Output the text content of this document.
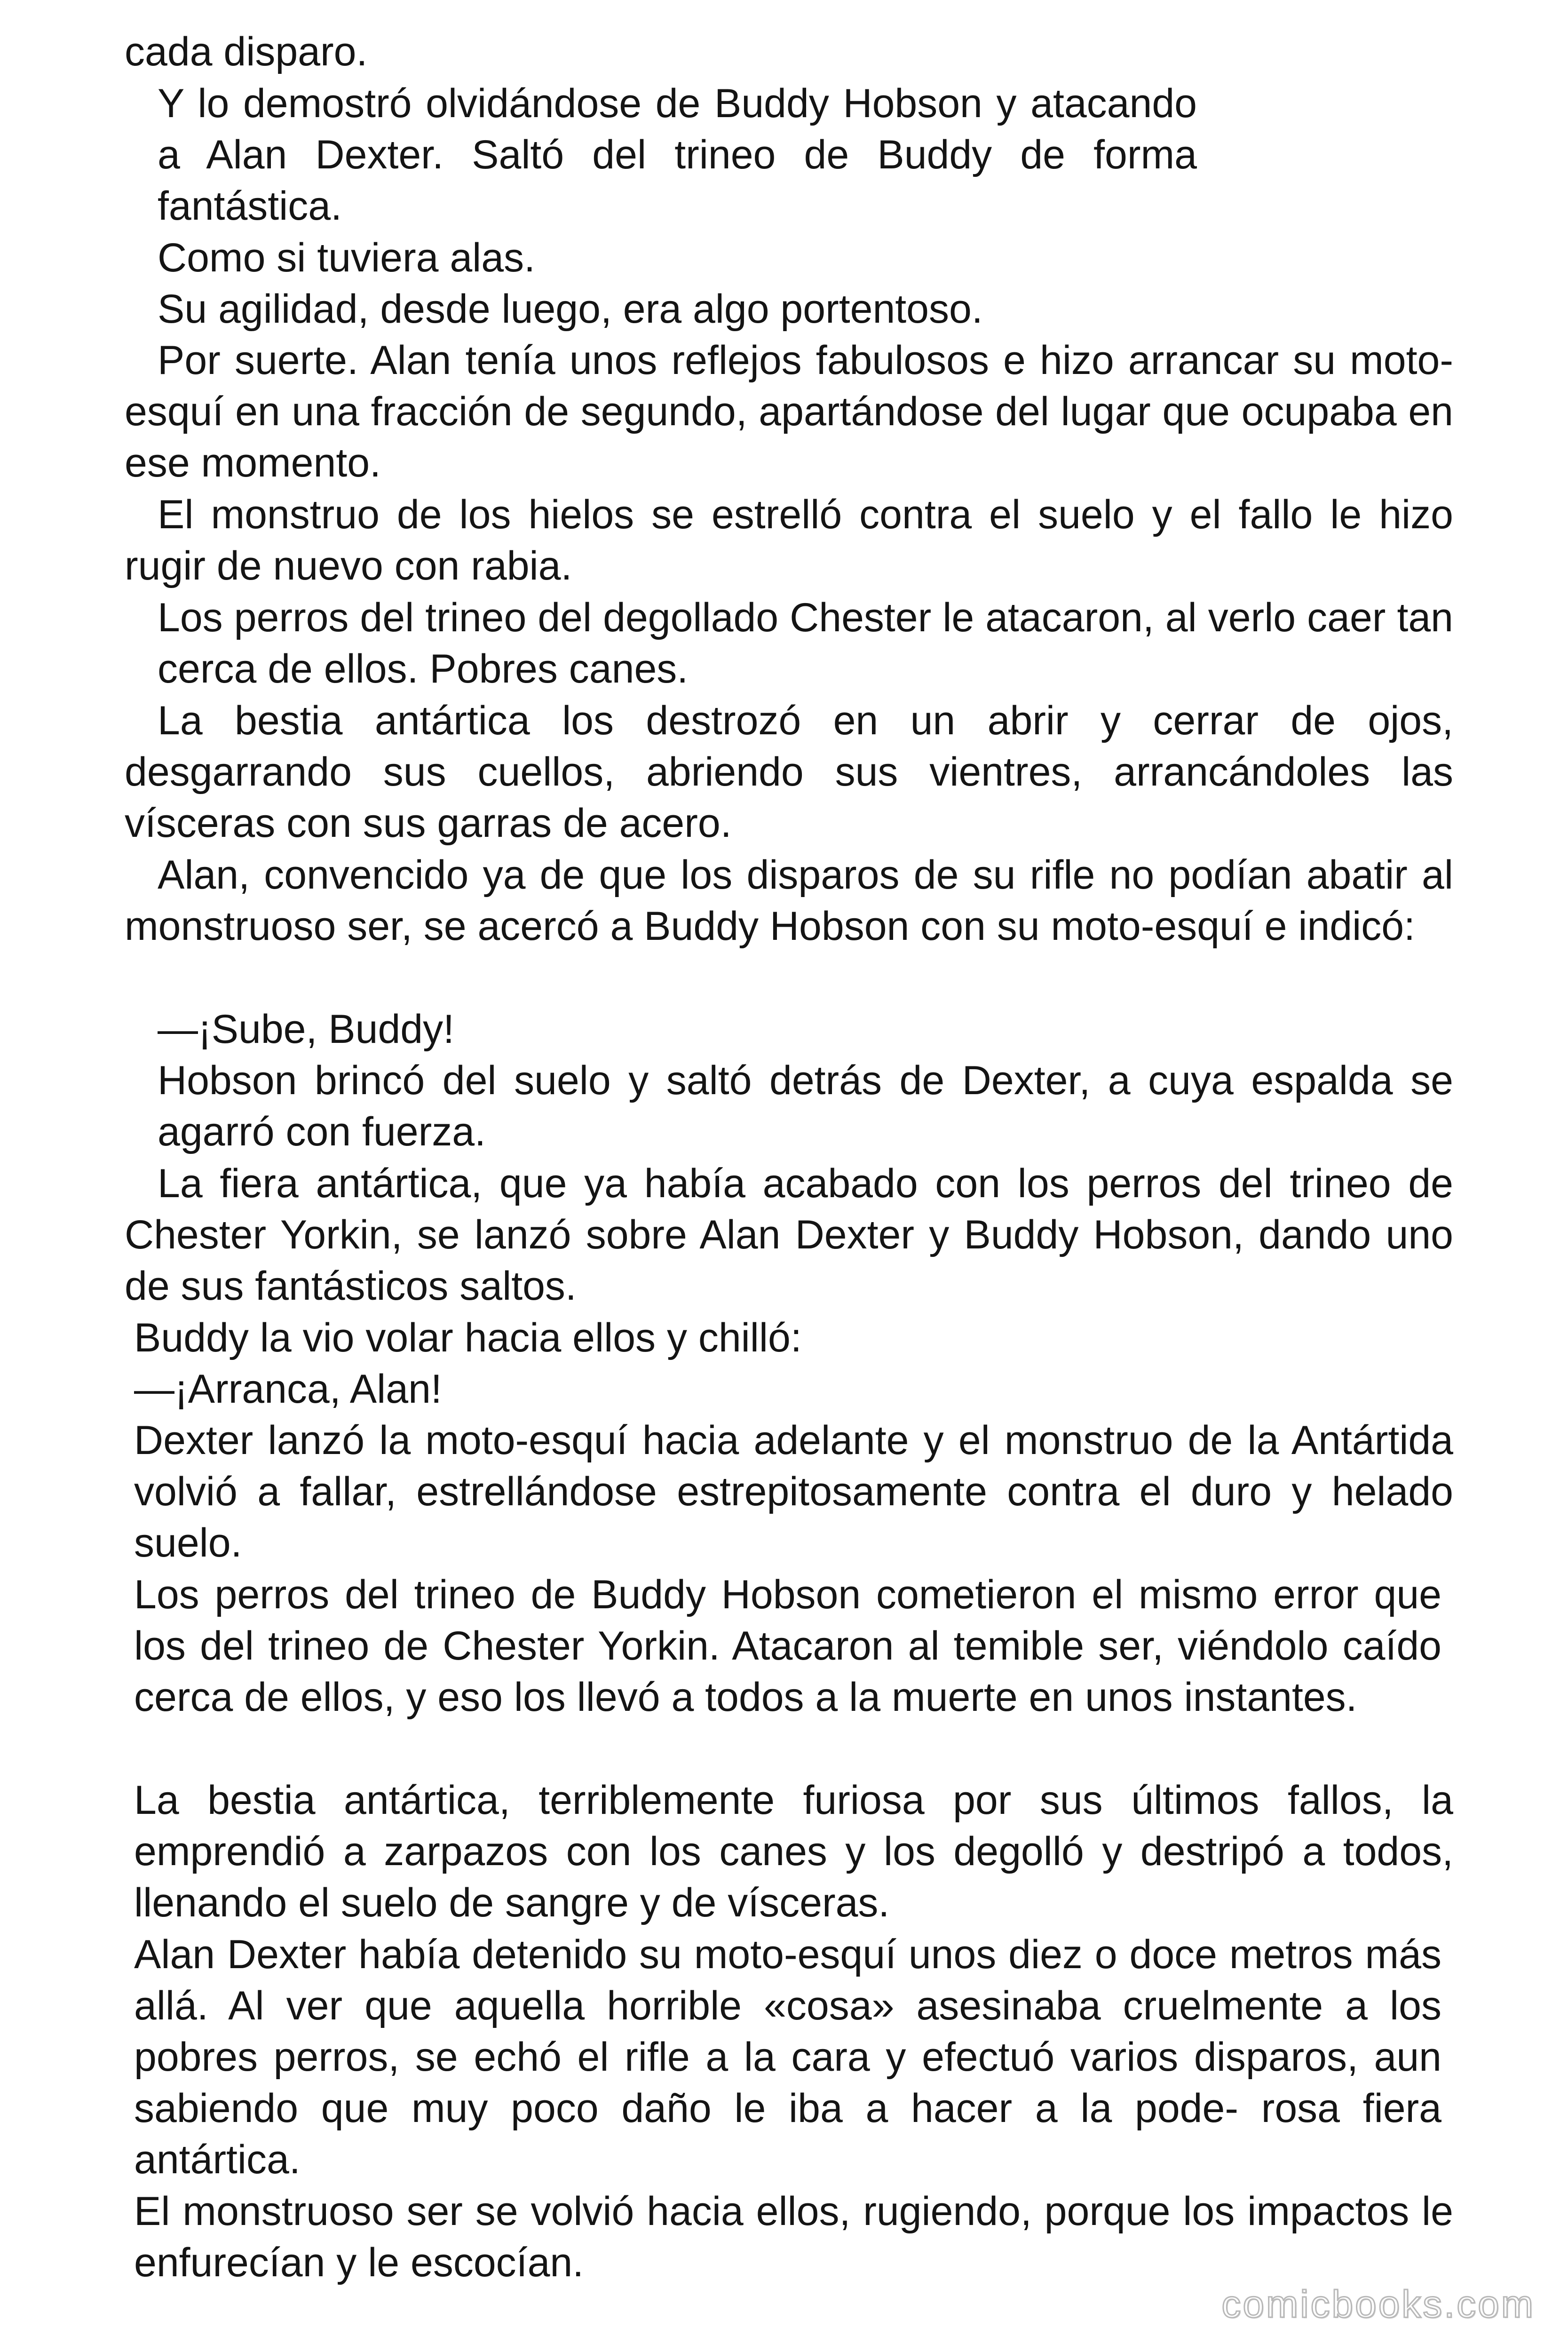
cada disparo.

Y lo demostró olvidándose de Buddy Hobson y atacando a Alan Dexter. Saltó del trineo de Buddy de forma fantástica.

Como si tuviera alas.

Su agilidad, desde luego, era algo portentoso.

Por suerte. Alan tenía unos reflejos fabulosos e hizo arrancar su moto-esquí en una fracción de segundo, apartándose del lugar que ocupaba en ese momento.

El monstruo de los hielos se estrelló contra el suelo y el fallo le hizo rugir de nuevo con rabia.

Los perros del trineo del degollado Chester le atacaron, al verlo caer tan cerca de ellos. Pobres canes.

La bestia antártica los destrozó en un abrir y cerrar de ojos, desgarrando sus cuellos, abriendo sus vientres, arrancándoles las vísceras con sus garras de acero.

Alan, convencido ya de que los disparos de su rifle no podían abatir al monstruoso ser, se acercó a Buddy Hobson con su moto-esquí e indicó:

—¡Sube, Buddy!

Hobson brincó del suelo y saltó detrás de Dexter, a cuya espalda se agarró con fuerza.

La fiera antártica, que ya había acabado con los perros del trineo de Chester Yorkin, se lanzó sobre Alan Dexter y Buddy Hobson, dando uno de sus fantásticos saltos.

Buddy la vio volar hacia ellos y chilló:

—¡Arranca, Alan!

Dexter lanzó la moto-esquí hacia adelante y el monstruo de la Antártida volvió a fallar, estrellándose estrepitosamente contra el duro y helado suelo.

Los perros del trineo de Buddy Hobson cometieron el mismo error que los del trineo de Chester Yorkin. Atacaron al temible ser, viéndolo caído cerca de ellos, y eso los llevó a todos a la muerte en unos instantes.

La bestia antártica, terriblemente furiosa por sus últimos fallos, la emprendió a zarpazos con los canes y los degolló y destripó a todos, llenando el suelo de sangre y de vísceras.

Alan Dexter había detenido su moto-esquí unos diez o doce metros más allá. Al ver que aquella horrible «cosa» asesinaba cruelmente a los pobres perros, se echó el rifle a la cara y efectuó varios disparos, aun sabiendo que muy poco daño le iba a hacer a la pode- rosa fiera antártica.

El monstruoso ser se volvió hacia ellos, rugiendo, porque los impactos le enfurecían y le escocían.

comicbooks.com
